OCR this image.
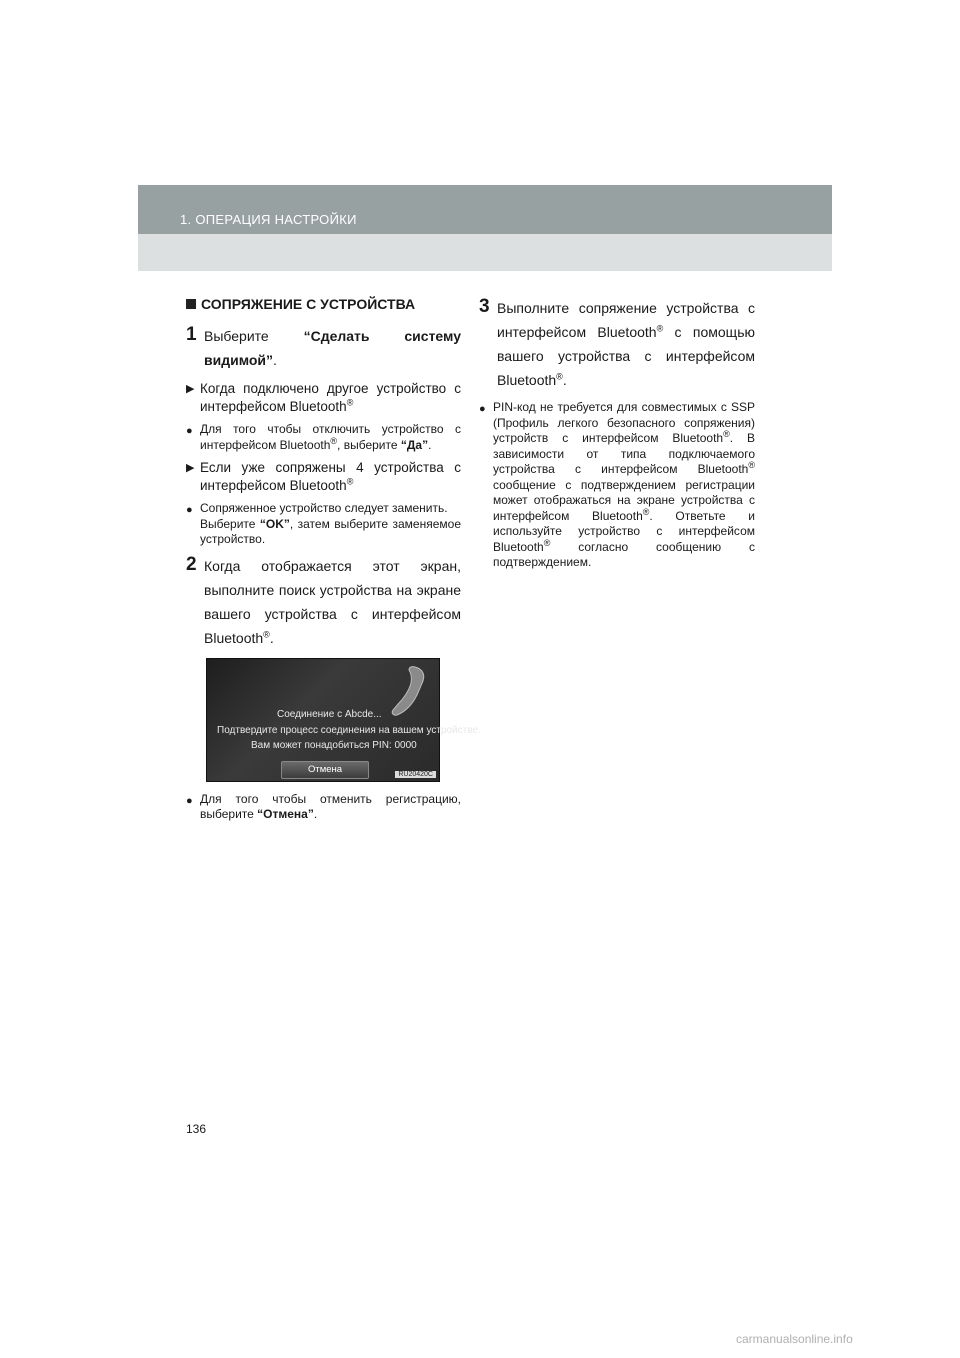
1. ОПЕРАЦИЯ НАСТРОЙКИ
СОПРЯЖЕНИЕ С УСТРОЙСТВА
1 Выберите “Сделать систему видимой”.
▶ Когда подключено другое устройство с интерфейсом Bluetooth®
● Для того чтобы отключить устройство с интерфейсом Bluetooth®, выберите “Да”.
▶ Если уже сопряжены 4 устройства с интерфейсом Bluetooth®
● Сопряженное устройство следует заменить.
Выберите “OK”, затем выберите заменяемое устройство.
2 Когда отображается этот экран, выполните поиск устройства на экране вашего устройства с интерфейсом Bluetooth®.
Соединение с Abcde...
Подтвердите процесс соединения на вашем устройстве.
Вам может понадобиться PIN: 0000
Отмена	RU20420C
● Для того чтобы отменить регистрацию, выберите “Отмена”.
3 Выполните сопряжение устройства с интерфейсом Bluetooth® с помощью вашего устройства с интерфейсом Bluetooth®.
● PIN-код не требуется для совместимых с SSP (Профиль легкого безопасного сопряжения) устройств с интерфейсом Bluetooth®. В зависимости от типа подключаемого устройства с интерфейсом Bluetooth® сообщение с подтверждением регистрации может отображаться на экране устройства с интерфейсом Bluetooth®. Ответьте и используйте устройство с интерфейсом Bluetooth® согласно сообщению с подтверждением.
136
carmanualsonline.info
